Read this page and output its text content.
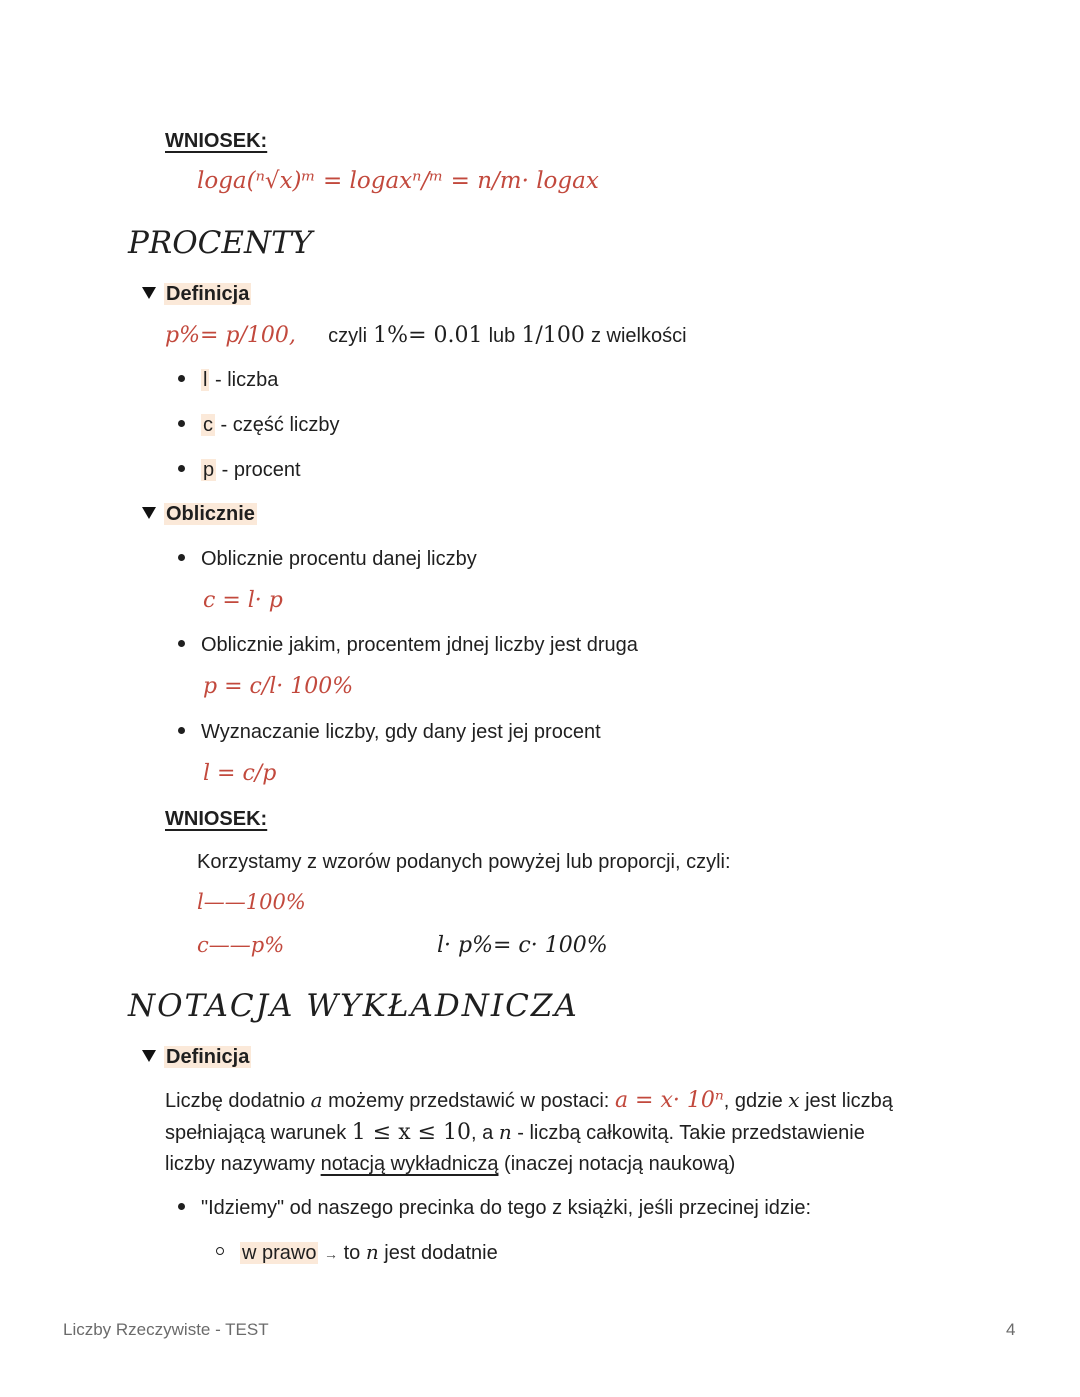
WNIOSEK:
loga(ⁿ√x)ᵐ = logaxⁿ/ᵐ = n/m· logax
PROCENTY
Definicja
p%= p/100, czyli 1%= 0.01 lub 1/100 z wielkości
l - liczba
c - część liczby
p - procent
Oblicznie
Oblicznie procentu danej liczby
c = l· p
Oblicznie jakim, procentem jdnej liczby jest druga
p = c/l· 100%
Wyznaczanie liczby, gdy dany jest jej procent
l = c/p
WNIOSEK:
Korzystamy z wzorów podanych powyżej lub proporcji, czyli:
l——100%
c——p%	l· p%= c· 100%
NOTACJA WYKŁADNICZA
Definicja
Liczbę dodatnio a możemy przedstawić w postaci: a = x· 10ⁿ, gdzie x jest liczbą
spełniającą warunek 1 ≤ x ≤ 10, a n - liczbą całkowitą. Takie przedstawienie
liczby nazywamy notacją wykładniczą (inaczej notacją naukową)
"Idziemy" od naszego precinka do tego z książki, jeśli przecinej idzie:
w prawo → to n jest dodatnie
Liczby Rzeczywiste - TEST	4
